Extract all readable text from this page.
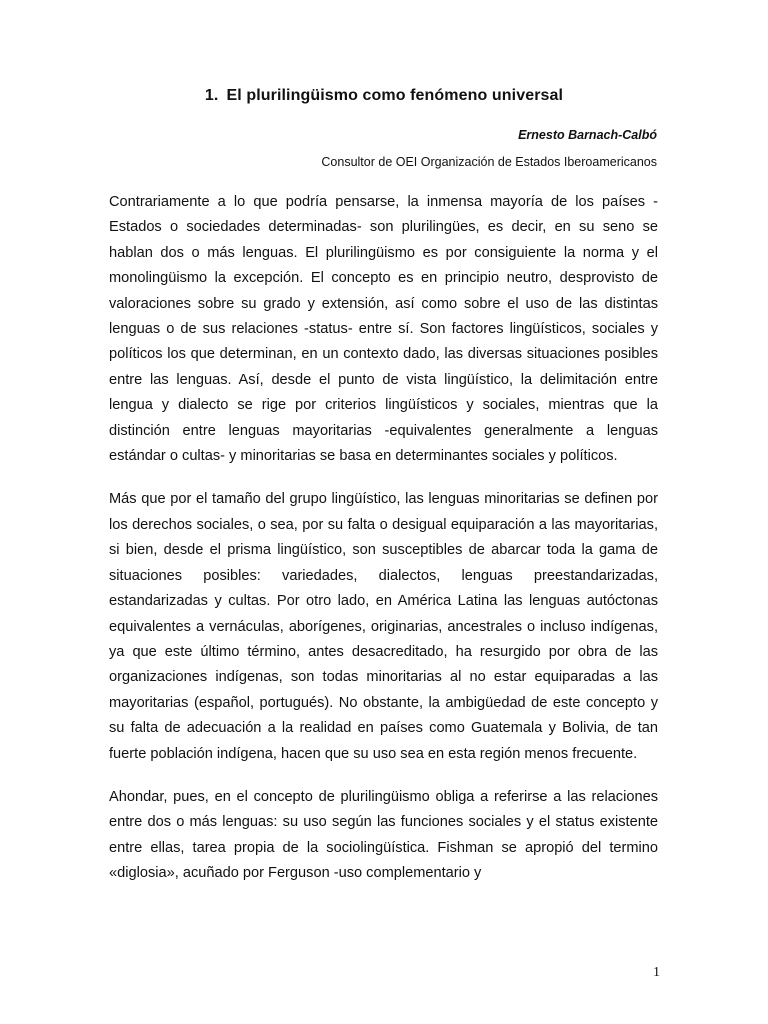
1. El plurilingüismo como fenómeno universal
Ernesto Barnach-Calbó
Consultor de OEI Organización de Estados Iberoamericanos

Contrariamente a lo que podría pensarse, la inmensa mayoría de los países -Estados o sociedades determinadas- son plurilingües, es decir, en su seno se hablan dos o más lenguas. El plurilingüismo es por consiguiente la norma y el monolingüismo la excepción. El concepto es en principio neutro, desprovisto de valoraciones sobre su grado y extensión, así como sobre el uso de las distintas lenguas o de sus relaciones -status- entre sí. Son factores lingüísticos, sociales y políticos los que determinan, en un contexto dado, las diversas situaciones posibles entre las lenguas. Así, desde el punto de vista lingüístico, la delimitación entre lengua y dialecto se rige por criterios lingüísticos y sociales, mientras que la distinción entre lenguas mayoritarias -equivalentes generalmente a lenguas estándar o cultas- y minoritarias se basa en determinantes sociales y políticos.

Más que por el tamaño del grupo lingüístico, las lenguas minoritarias se definen por los derechos sociales, o sea, por su falta o desigual equiparación a las mayoritarias, si bien, desde el prisma lingüístico, son susceptibles de abarcar toda la gama de situaciones posibles: variedades, dialectos, lenguas preestandarizadas, estandarizadas y cultas. Por otro lado, en América Latina las lenguas autóctonas equivalentes a vernáculas, aborígenes, originarias, ancestrales o incluso indígenas, ya que este último término, antes desacreditado, ha resurgido por obra de las organizaciones indígenas, son todas minoritarias al no estar equiparadas a las mayoritarias (español, portugués). No obstante, la ambigüedad de este concepto y su falta de adecuación a la realidad en países como Guatemala y Bolivia, de tan fuerte población indígena, hacen que su uso sea en esta región menos frecuente.

Ahondar, pues, en el concepto de plurilingüismo obliga a referirse a las relaciones entre dos o más lenguas: su uso según las funciones sociales y el status existente entre ellas, tarea propia de la sociolingüística. Fishman se apropió del termino «diglosia», acuñado por Ferguson -uso complementario y

1
